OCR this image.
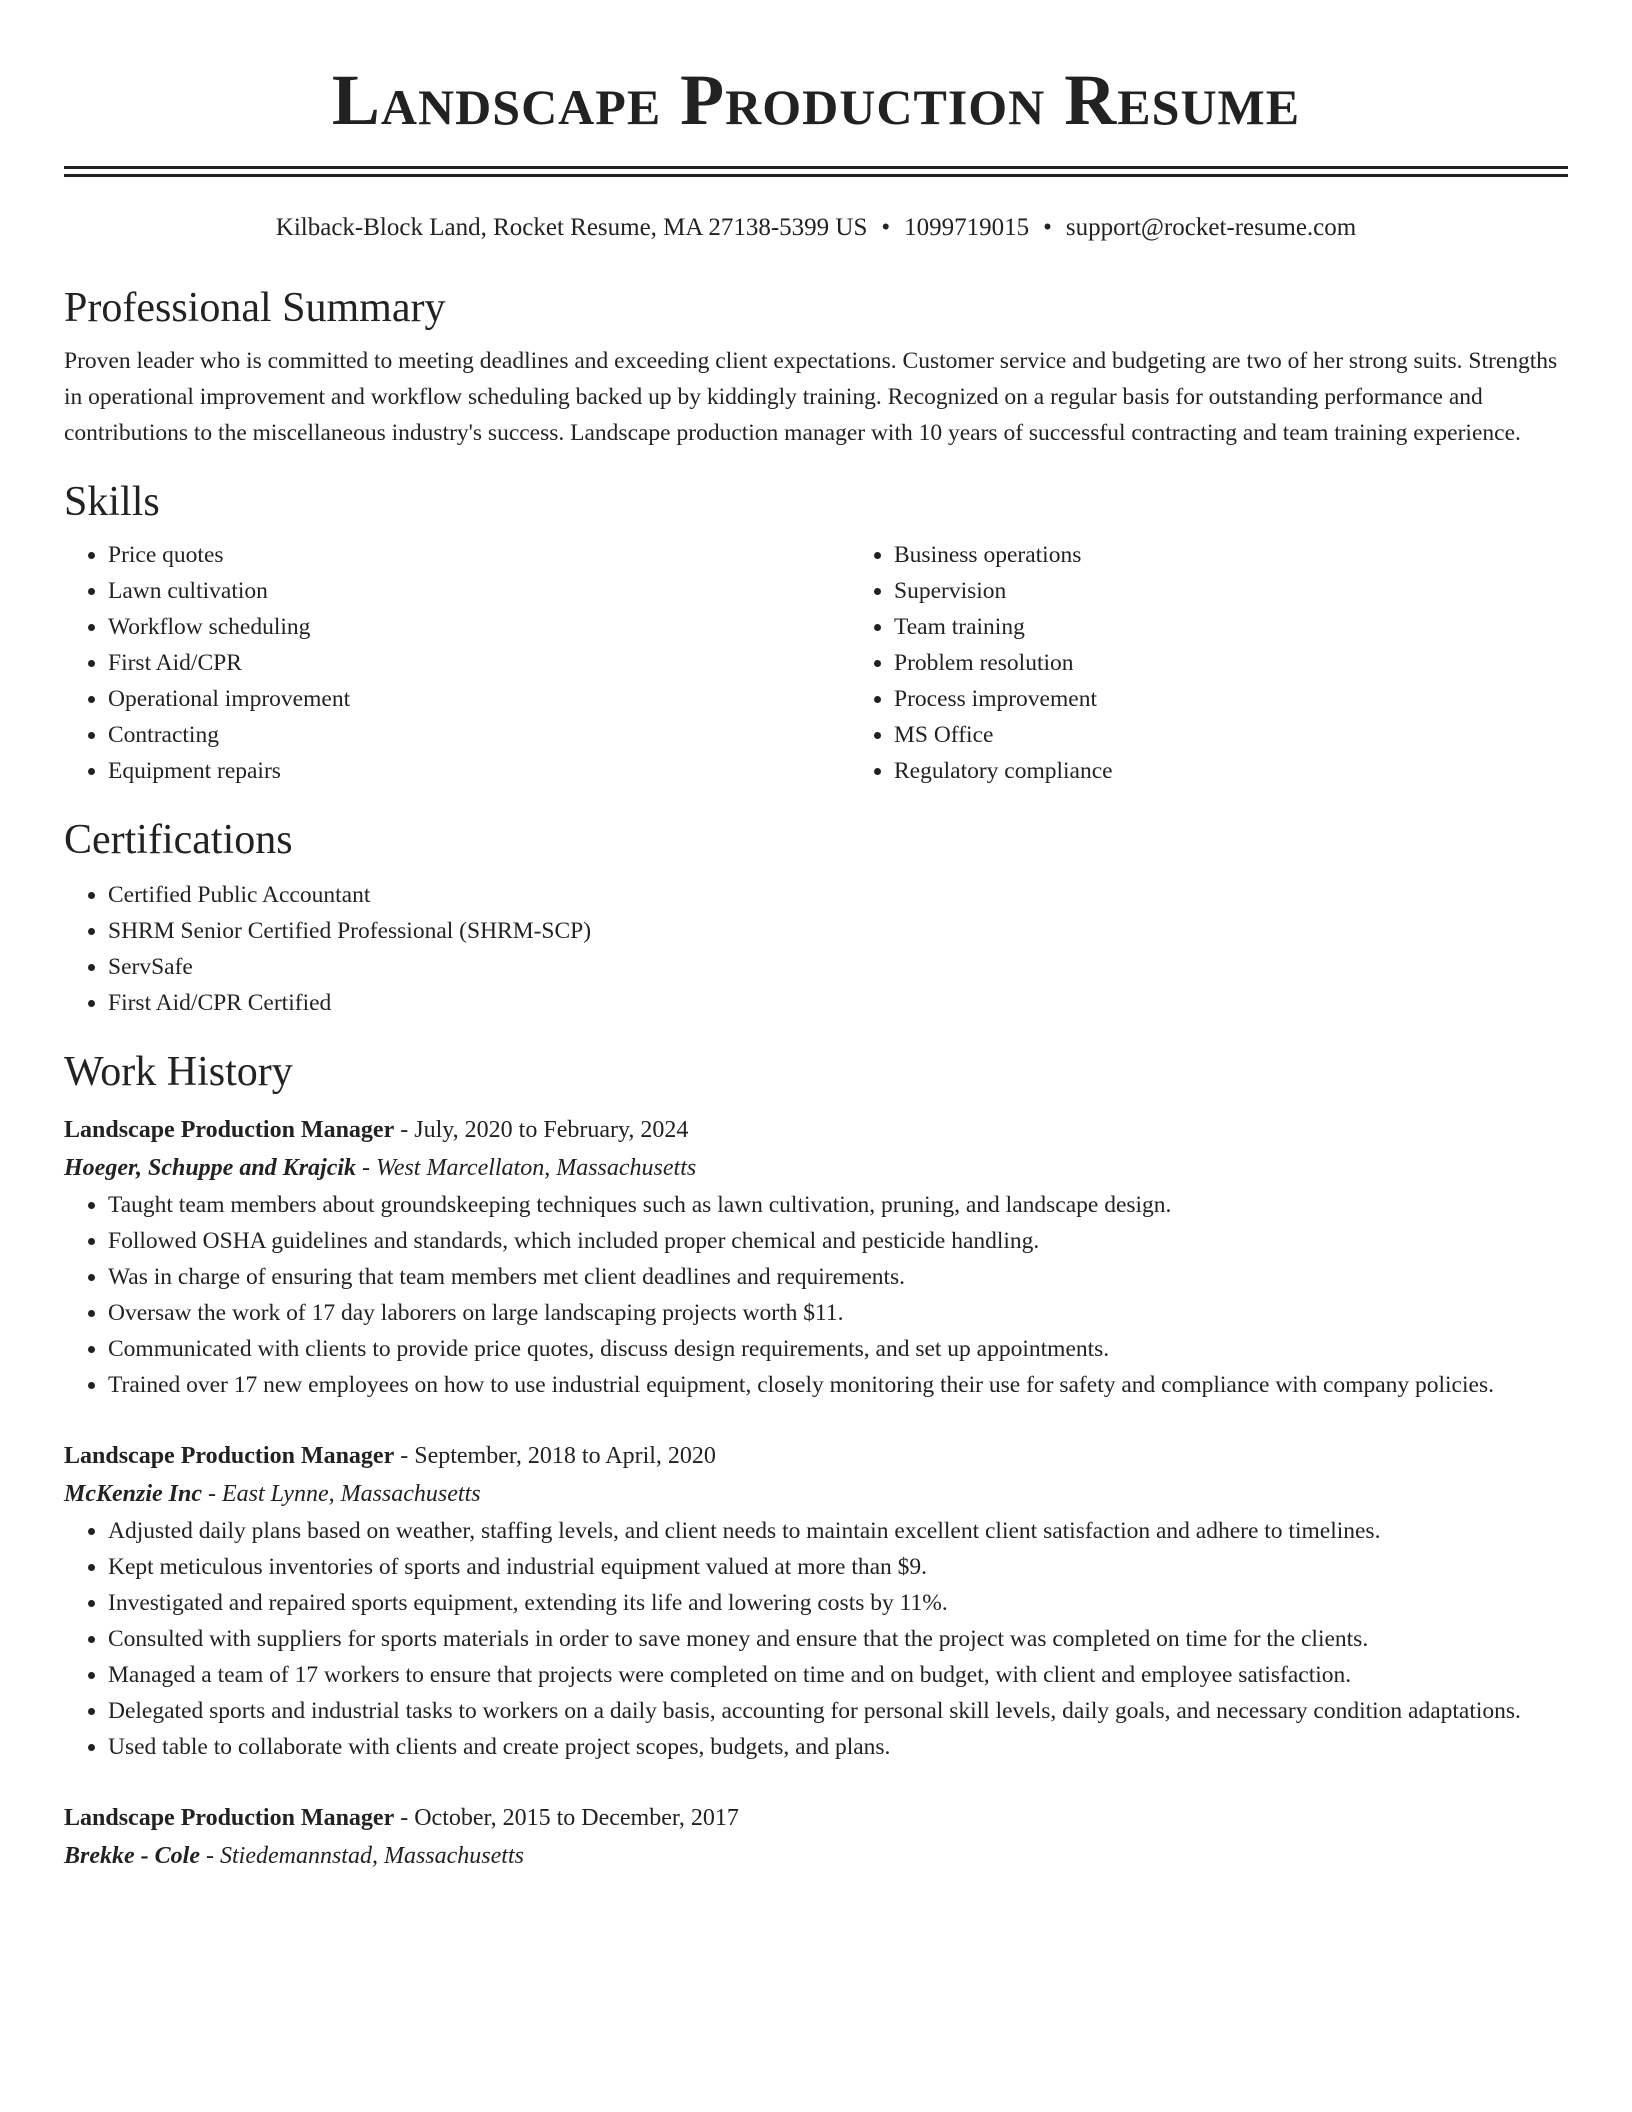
Landscape Production Resume
Kilback-Block Land, Rocket Resume, MA 27138-5399 US • 1099719015 • support@rocket-resume.com
Professional Summary

Proven leader who is committed to meeting deadlines and exceeding client expectations. Customer service and budgeting are two of her strong suits. Strengths in operational improvement and workflow scheduling backed up by kiddingly training. Recognized on a regular basis for outstanding performance and contributions to the miscellaneous industry's success. Landscape production manager with 10 years of successful contracting and team training experience.

Skills
• Price quotes
• Lawn cultivation
• Workflow scheduling
• First Aid/CPR
• Operational improvement
• Contracting
• Equipment repairs
• Business operations
• Supervision
• Team training
• Problem resolution
• Process improvement
• MS Office
• Regulatory compliance
Certifications
• Certified Public Accountant
• SHRM Senior Certified Professional (SHRM-SCP)
• ServSafe
• First Aid/CPR Certified
Work History
Landscape Production Manager - July, 2020 to February, 2024
Hoeger, Schuppe and Krajcik - West Marcellaton, Massachusetts
• Taught team members about groundskeeping techniques such as lawn cultivation, pruning, and landscape design.
• Followed OSHA guidelines and standards, which included proper chemical and pesticide handling.
• Was in charge of ensuring that team members met client deadlines and requirements.
• Oversaw the work of 17 day laborers on large landscaping projects worth $11.
• Communicated with clients to provide price quotes, discuss design requirements, and set up appointments.
• Trained over 17 new employees on how to use industrial equipment, closely monitoring their use for safety and compliance with company policies.
Landscape Production Manager - September, 2018 to April, 2020
McKenzie Inc - East Lynne, Massachusetts
• Adjusted daily plans based on weather, staffing levels, and client needs to maintain excellent client satisfaction and adhere to timelines.
• Kept meticulous inventories of sports and industrial equipment valued at more than $9.
• Investigated and repaired sports equipment, extending its life and lowering costs by 11%.
• Consulted with suppliers for sports materials in order to save money and ensure that the project was completed on time for the clients.
• Managed a team of 17 workers to ensure that projects were completed on time and on budget, with client and employee satisfaction.
• Delegated sports and industrial tasks to workers on a daily basis, accounting for personal skill levels, daily goals, and necessary condition adaptations.
• Used table to collaborate with clients and create project scopes, budgets, and plans.
Landscape Production Manager - October, 2015 to December, 2017
Brekke - Cole - Stiedemannstad, Massachusetts
